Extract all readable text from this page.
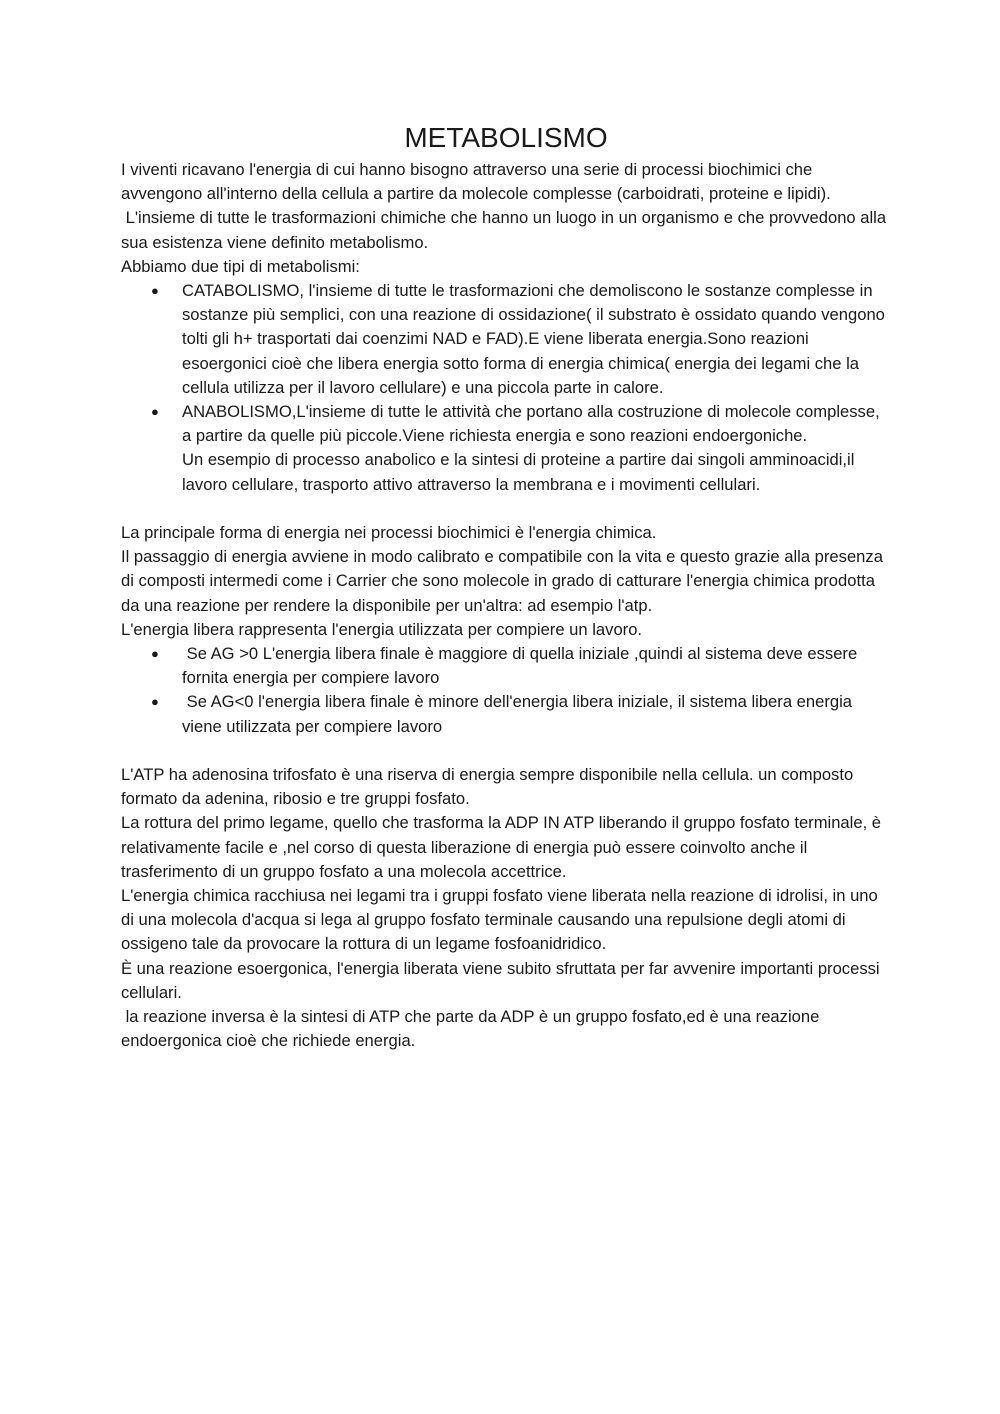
METABOLISMO

I viventi ricavano l'energia di cui hanno bisogno attraverso una serie di processi biochimici che avvengono all'interno della cellula a partire da molecole complesse (carboidrati, proteine e lipidi).

L'insieme di tutte le trasformazioni chimiche che hanno un luogo in un organismo e che provvedono alla sua esistenza viene definito metabolismo.

Abbiamo due tipi di metabolismi:

● CATABOLISMO, l'insieme di tutte le trasformazioni che demoliscono le sostanze complesse in sostanze più semplici, con una reazione di ossidazione( il substrato è ossidato quando vengono tolti gli h+ trasportati dai coenzimi NAD e FAD).E viene liberata energia.Sono reazioni esoergonici cioè che libera energia sotto forma di energia chimica( energia dei legami che la cellula utilizza per il lavoro cellulare) e una piccola parte in calore.
● ANABOLISMO,L'insieme di tutte le attività che portano alla costruzione di molecole complesse, a partire da quelle più piccole.Viene richiesta energia e sono reazioni endoergoniche.
Un esempio di processo anabolico e la sintesi di proteine a partire dai singoli amminoacidi,il lavoro cellulare, trasporto attivo attraverso la membrana e i movimenti cellulari.

La principale forma di energia nei processi biochimici è l'energia chimica.

Il passaggio di energia avviene in modo calibrato e compatibile con la vita e questo grazie alla presenza di composti intermedi come i Carrier che sono molecole in grado di catturare l'energia chimica prodotta da una reazione per rendere la disponibile per un'altra: ad esempio l'atp.

L'energia libera rappresenta l'energia utilizzata per compiere un lavoro.

● Se AG >0 L'energia libera finale è maggiore di quella iniziale ,quindi al sistema deve essere fornita energia per compiere lavoro
● Se AG<0 l'energia libera finale è minore dell'energia libera iniziale, il sistema libera energia viene utilizzata per compiere lavoro

L'ATP ha adenosina trifosfato è una riserva di energia sempre disponibile nella cellula. un composto formato da adenina, ribosio e tre gruppi fosfato.

La rottura del primo legame, quello che trasforma la ADP IN ATP liberando il gruppo fosfato terminale, è relativamente facile e ,nel corso di questa liberazione di energia può essere coinvolto anche il trasferimento di un gruppo fosfato a una molecola accettrice.

L'energia chimica racchiusa nei legami tra i gruppi fosfato viene liberata nella reazione di idrolisi, in uno di una molecola d'acqua si lega al gruppo fosfato terminale causando una repulsione degli atomi di ossigeno tale da provocare la rottura di un legame fosfoanidridico.

È una reazione esoergonica, l'energia liberata viene subito sfruttata per far avvenire importanti processi cellulari.

la reazione inversa è la sintesi di ATP che parte da ADP è un gruppo fosfato,ed è una reazione endoergonica cioè che richiede energia.
